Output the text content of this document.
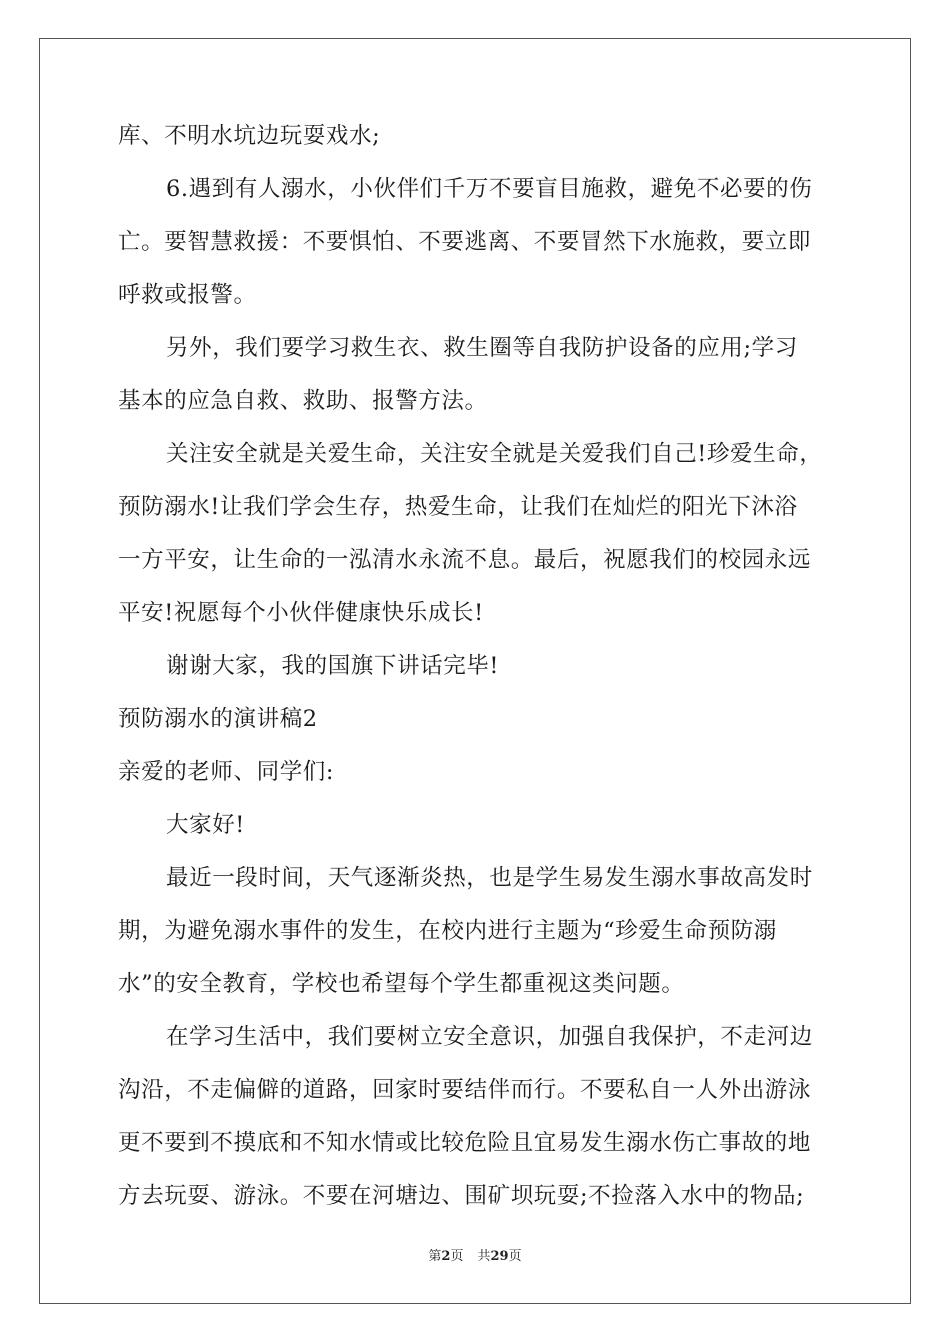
库、不明水坑边玩耍戏水;
6.遇到有人溺水，小伙伴们千万不要盲目施救，避免不必要的伤
亡。要智慧救援：不要惧怕、不要逃离、不要冒然下水施救，要立即
呼救或报警。
另外，我们要学习救生衣、救生圈等自我防护设备的应用;学习
基本的应急自救、救助、报警方法。
关注安全就是关爱生命，关注安全就是关爱我们自己!珍爱生命，
预防溺水!让我们学会生存，热爱生命，让我们在灿烂的阳光下沐浴
一方平安，让生命的一泓清水永流不息。最后，祝愿我们的校园永远
平安!祝愿每个小伙伴健康快乐成长!
谢谢大家，我的国旗下讲话完毕!
预防溺水的演讲稿2
亲爱的老师、同学们:
大家好!
最近一段时间，天气逐渐炎热，也是学生易发生溺水事故高发时
期，为避免溺水事件的发生，在校内进行主题为“珍爱生命预防溺
水”的安全教育，学校也希望每个学生都重视这类问题。
在学习生活中，我们要树立安全意识，加强自我保护，不走河边
沟沿，不走偏僻的道路，回家时要结伴而行。不要私自一人外出游泳
更不要到不摸底和不知水情或比较危险且宜易发生溺水伤亡事故的地
方去玩耍、游泳。不要在河塘边、围矿坝玩耍;不捡落入水中的物品;
第2页 共29页
